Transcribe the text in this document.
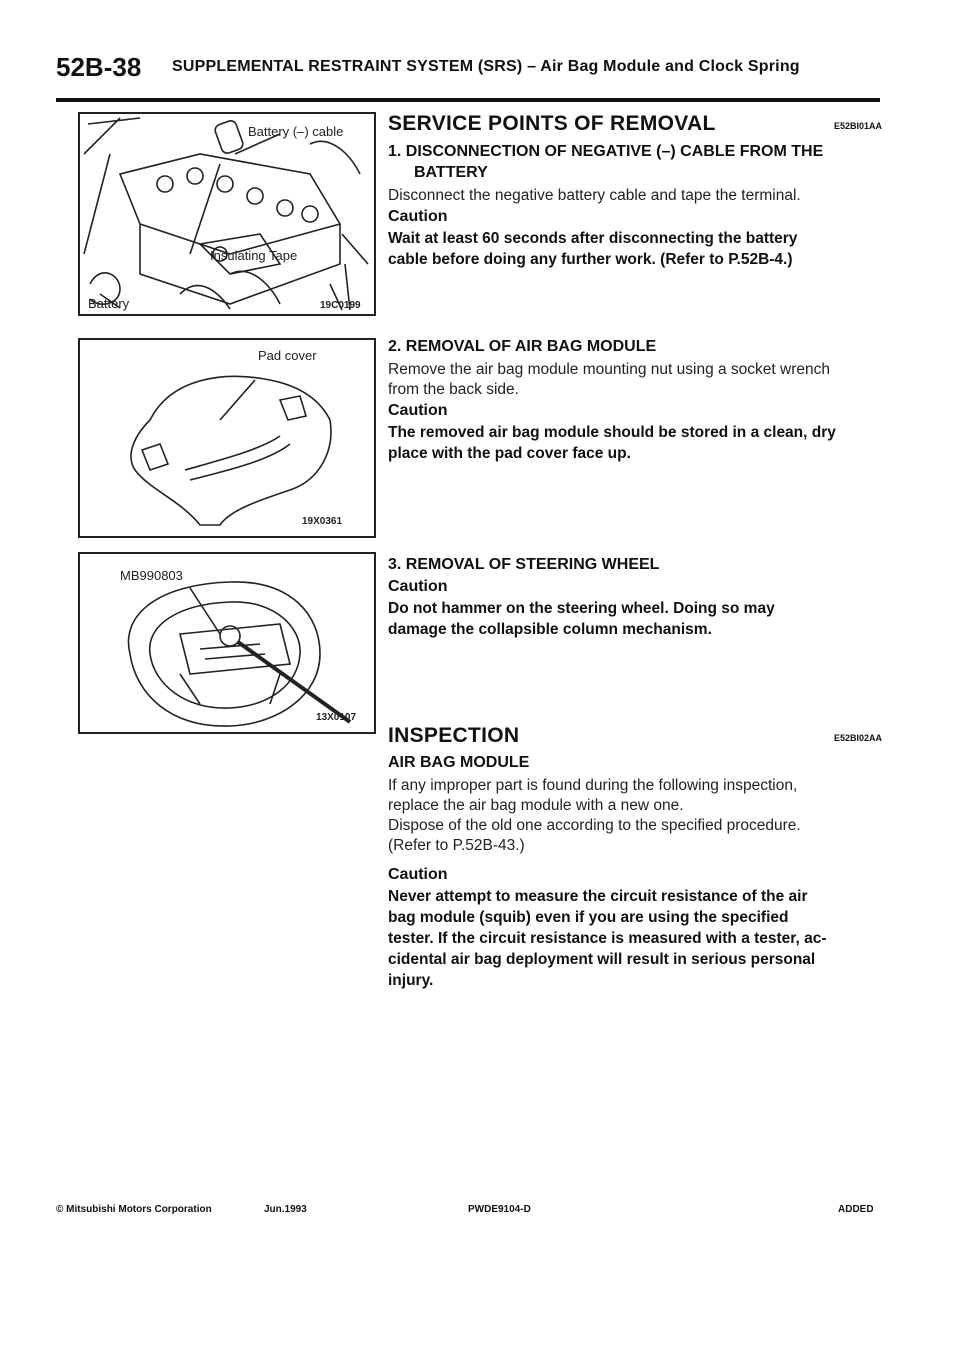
52B-38 SUPPLEMENTAL RESTRAINT SYSTEM (SRS) – Air Bag Module and Clock Spring
Battery (–) cable
Insulating Tape
Battery	19C0199
Pad cover
19X0361
MB990803
13X0107
SERVICE POINTS OF REMOVAL	E52BI01AA
1. DISCONNECTION OF NEGATIVE (–) CABLE FROM THE
BATTERY
Disconnect the negative battery cable and tape the terminal.
Caution
Wait at least 60 seconds after disconnecting the battery
cable before doing any further work. (Refer to P.52B-4.)
2. REMOVAL OF AIR BAG MODULE
Remove the air bag module mounting nut using a socket wrench
from the back side.
Caution
The removed air bag module should be stored in a clean, dry
place with the pad cover face up.
3. REMOVAL OF STEERING WHEEL
Caution
Do not hammer on the steering wheel. Doing so may
damage the collapsible column mechanism.
INSPECTION	E52BI02AA
AIR BAG MODULE
If any improper part is found during the following inspection,
replace the air bag module with a new one.
Dispose of the old one according to the specified procedure.
(Refer to P.52B-43.)
Caution
Never attempt to measure the circuit resistance of the air
bag module (squib) even if you are using the specified
tester. If the circuit resistance is measured with a tester, ac-
cidental air bag deployment will result in serious personal
injury.
© Mitsubishi Motors Corporation	Jun.1993	PWDE9104-D	ADDED
